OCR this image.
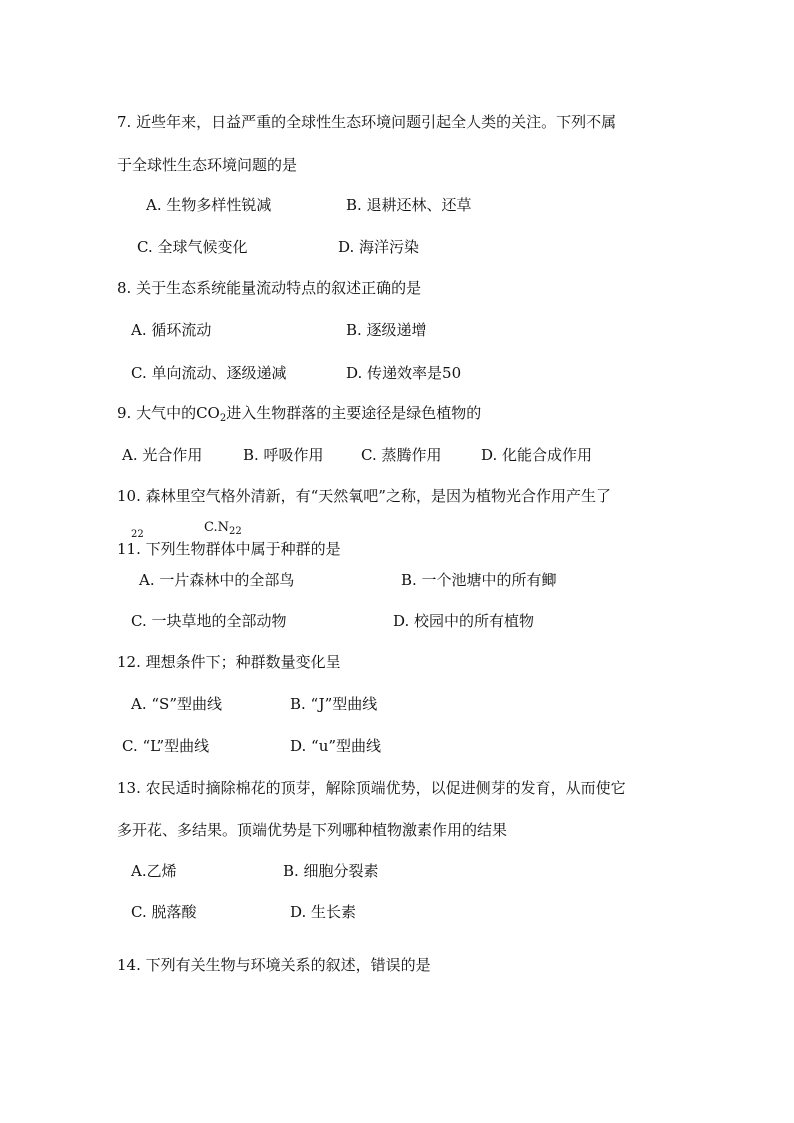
7. 近些年来，日益严重的全球性生态环境问题引起全人类的关注。下列不属
于全球性生态环境问题的是
A. 生物多样性锐减	B. 退耕还林、还草
C. 全球气候变化	D. 海洋污染
8. 关于生态系统能量流动特点的叙述正确的是
A. 循环流动	B. 逐级递增
C. 单向流动、逐级递减	D. 传递效率是50
9. 大气中的$CO_2$进入生物群落的主要途径是绿色植物的
A. 光合作用	B. 呼吸作用 C. 蒸腾作用	D. 化能合成作用
10. 森林里空气格外清新，有“天然氧吧”之称，是因为植物光合作用产生了
22	$C.N_{22}$
11. 下列生物群体中属于种群的是
A. 一片森林中的全部鸟	B. 一个池塘中的所有鲫
C. 一块草地的全部动物	D. 校园中的所有植物
12. 理想条件下；种群数量变化呈
A. “S”型曲线	B. “J”型曲线
C. “L”型曲线	D. “u”型曲线
13. 农民适时摘除棉花的顶芽，解除顶端优势，以促进侧芽的发育，从而使它
多开花、多结果。顶端优势是下列哪种植物激素作用的结果
A.乙烯	B. 细胞分裂素
C. 脱落酸	D. 生长素
14. 下列有关生物与环境关系的叙述，错误的是
